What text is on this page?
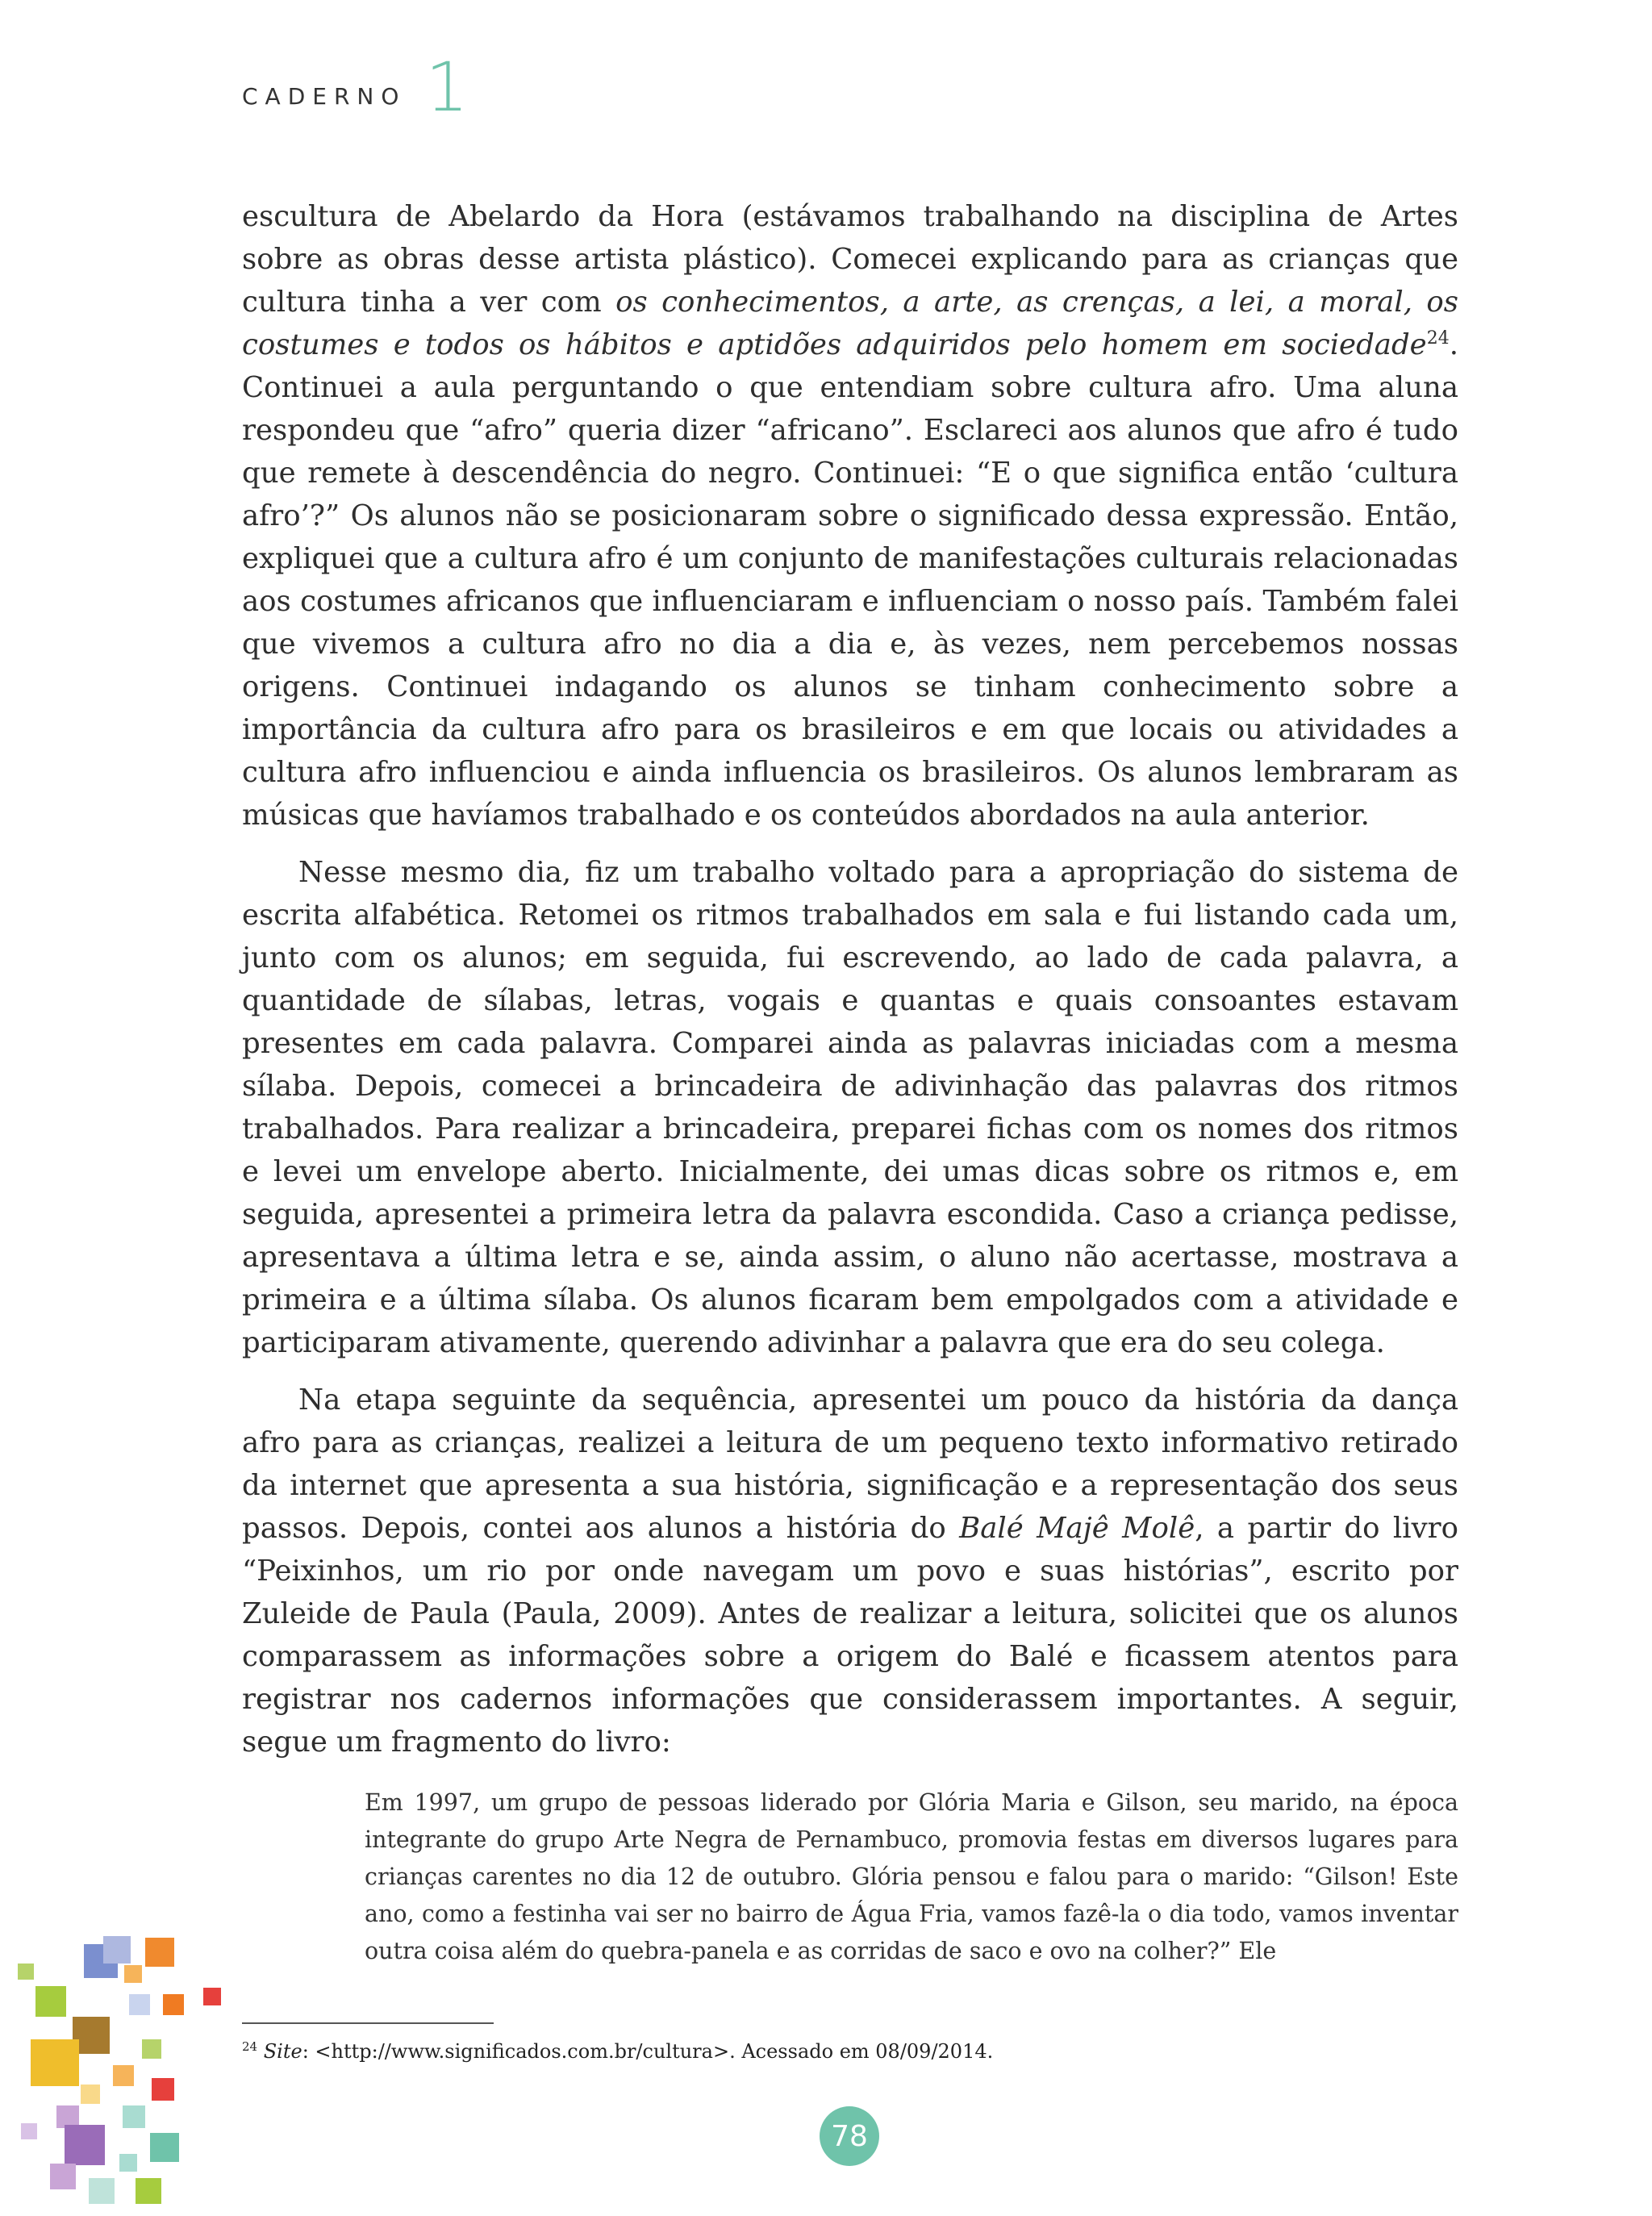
CADERNO 1

escultura de Abelardo da Hora (estávamos trabalhando na disciplina de Artes sobre as obras desse artista plástico). Comecei explicando para as crianças que cultura tinha a ver com os conhecimentos, a arte, as crenças, a lei, a moral, os costumes e todos os hábitos e aptidões adquiridos pelo homem em sociedade$^{24}$. Continuei a aula perguntando o que entendiam sobre cultura afro. Uma aluna respondeu que “afro” queria dizer “africano”. Esclareci aos alunos que afro é tudo que remete à descendência do negro. Continuei: “E o que significa então ‘cultura afro’?” Os alunos não se posicionaram sobre o significado dessa expressão. Então, expliquei que a cultura afro é um conjunto de manifestações culturais relacionadas aos costumes africanos que influenciaram e influenciam o nosso país. Também falei que vivemos a cultura afro no dia a dia e, às vezes, nem percebemos nossas origens. Continuei indagando os alunos se tinham conhecimento sobre a importância da cultura afro para os brasileiros e em que locais ou atividades a cultura afro influenciou e ainda influencia os brasileiros. Os alunos lembraram as músicas que havíamos trabalhado e os conteúdos abordados na aula anterior.

Nesse mesmo dia, fiz um trabalho voltado para a apropriação do sistema de escrita alfabética. Retomei os ritmos trabalhados em sala e fui listando cada um, junto com os alunos; em seguida, fui escrevendo, ao lado de cada palavra, a quantidade de sílabas, letras, vogais e quantas e quais consoantes estavam presentes em cada palavra. Comparei ainda as palavras iniciadas com a mesma sílaba. Depois, comecei a brincadeira de adivinhação das palavras dos ritmos trabalhados. Para realizar a brincadeira, preparei fichas com os nomes dos ritmos e levei um envelope aberto. Inicialmente, dei umas dicas sobre os ritmos e, em seguida, apresentei a primeira letra da palavra escondida. Caso a criança pedisse, apresentava a última letra e se, ainda assim, o aluno não acertasse, mostrava a primeira e a última sílaba. Os alunos ficaram bem empolgados com a atividade e participaram ativamente, querendo adivinhar a palavra que era do seu colega.

Na etapa seguinte da sequência, apresentei um pouco da história da dança afro para as crianças, realizei a leitura de um pequeno texto informativo retirado da internet que apresenta a sua história, significação e a representação dos seus passos. Depois, contei aos alunos a história do Balé Majê Molê, a partir do livro “Peixinhos, um rio por onde navegam um povo e suas histórias”, escrito por Zuleide de Paula (Paula, 2009). Antes de realizar a leitura, solicitei que os alunos comparassem as informações sobre a origem do Balé e ficassem atentos para registrar nos cadernos informações que considerassem importantes. A seguir, segue um fragmento do livro:

Em 1997, um grupo de pessoas liderado por Glória Maria e Gilson, seu marido, na época integrante do grupo Arte Negra de Pernambuco, promovia festas em diversos lugares para crianças carentes no dia 12 de outubro. Glória pensou e falou para o marido: “Gilson! Este ano, como a festinha vai ser no bairro de Água Fria, vamos fazê-la o dia todo, vamos inventar outra coisa além do quebra-panela e as corridas de saco e ovo na colher?” Ele

$^{24}$ Site: <http://www.significados.com.br/cultura>. Acessado em 08/09/2014.
78
